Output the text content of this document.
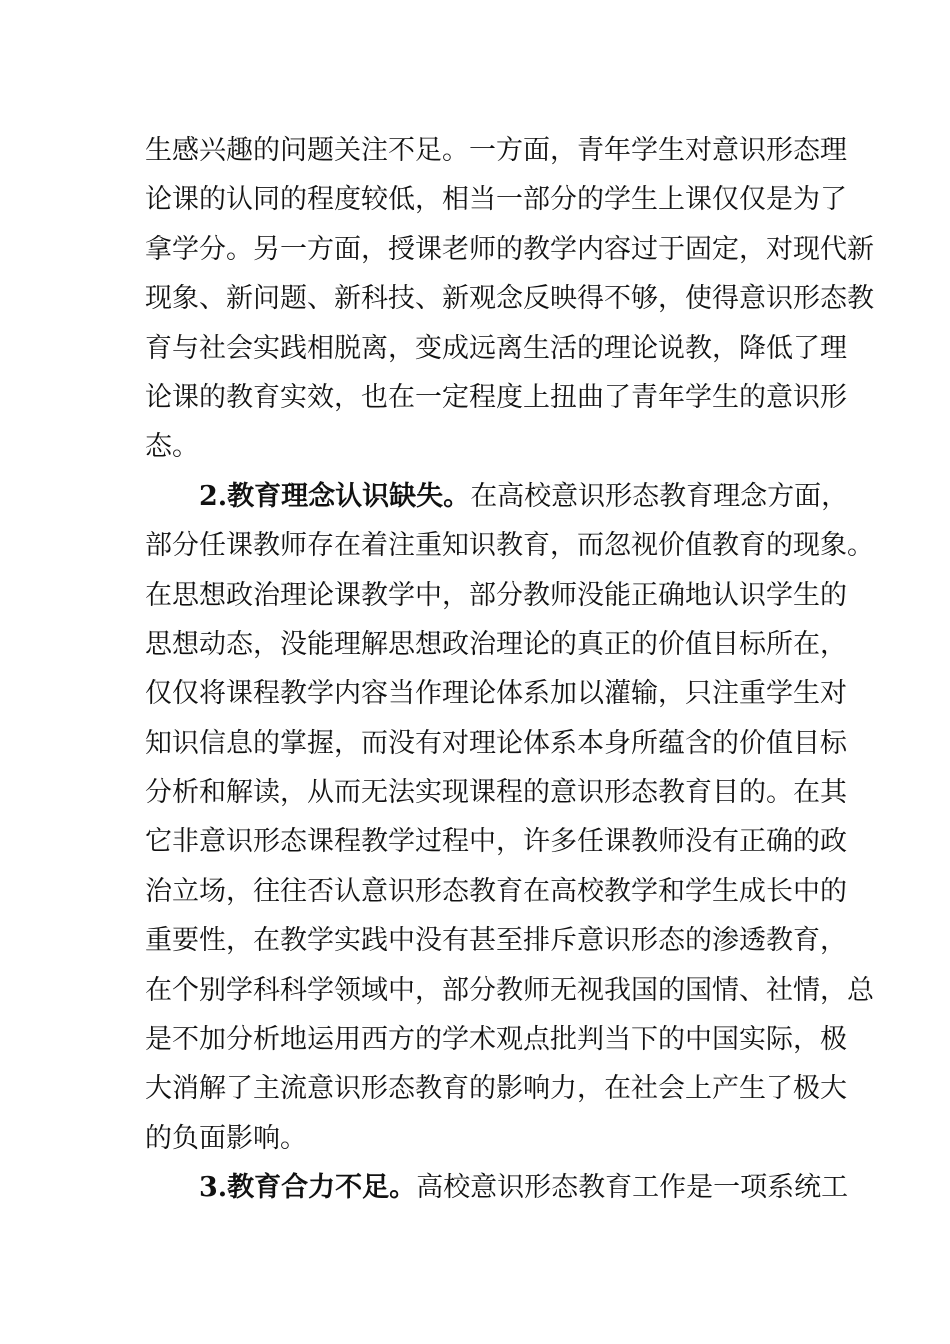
生感兴趣的问题关注不足。一方面，青年学生对意识形态理
论课的认同的程度较低，相当一部分的学生上课仅仅是为了
拿学分。另一方面，授课老师的教学内容过于固定，对现代新
现象、新问题、新科技、新观念反映得不够，使得意识形态教
育与社会实践相脱离，变成远离生活的理论说教，降低了理
论课的教育实效，也在一定程度上扭曲了青年学生的意识形
态。
2.教育理念认识缺失。在高校意识形态教育理念方面，
部分任课教师存在着注重知识教育，而忽视价值教育的现象。
在思想政治理论课教学中，部分教师没能正确地认识学生的
思想动态，没能理解思想政治理论的真正的价值目标所在，
仅仅将课程教学内容当作理论体系加以灌输，只注重学生对
知识信息的掌握，而没有对理论体系本身所蕴含的价值目标
分析和解读，从而无法实现课程的意识形态教育目的。在其
它非意识形态课程教学过程中，许多任课教师没有正确的政
治立场，往往否认意识形态教育在高校教学和学生成长中的
重要性，在教学实践中没有甚至排斥意识形态的渗透教育，
在个别学科科学领域中，部分教师无视我国的国情、社情，总
是不加分析地运用西方的学术观点批判当下的中国实际，极
大消解了主流意识形态教育的影响力，在社会上产生了极大
的负面影响。
3.教育合力不足。高校意识形态教育工作是一项系统工
